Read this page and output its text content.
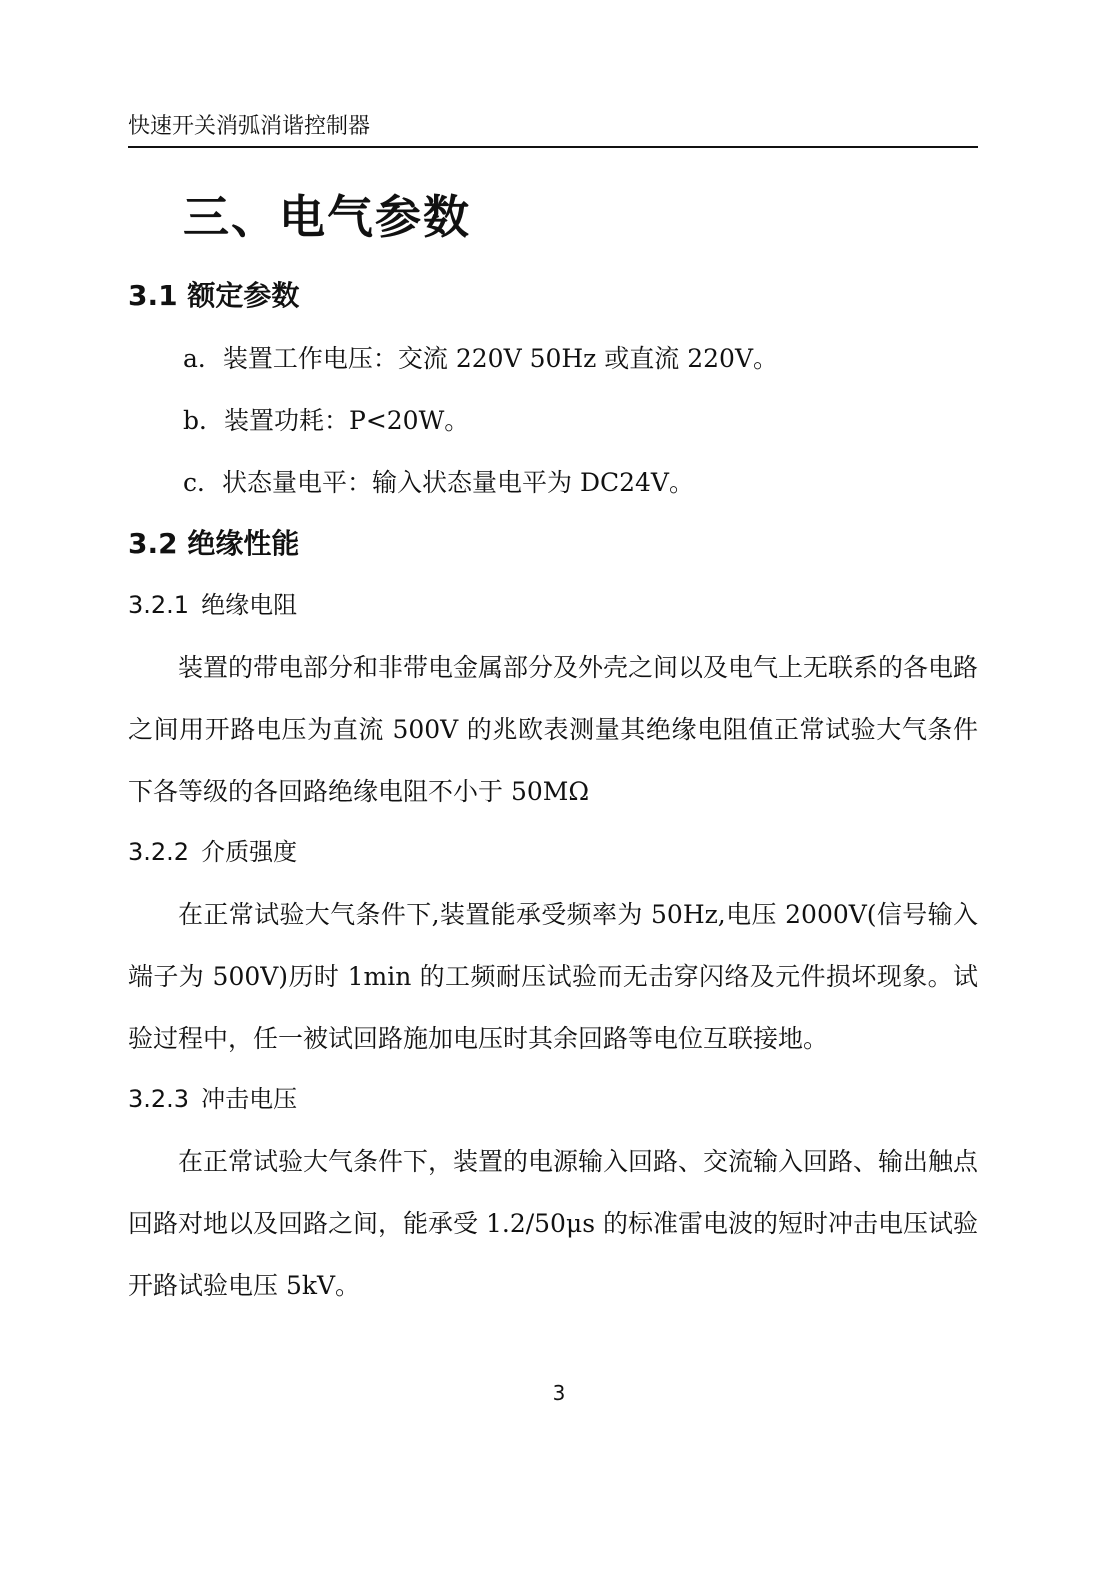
快速开关消弧消谐控制器
三、电气参数
3.1 额定参数

a．装置工作电压：交流 220V 50Hz 或直流 220V。

b．装置功耗：P<20W。

c．状态量电平：输入状态量电平为 DC24V。

3.2 绝缘性能
3.2.1 绝缘电阻

装置的带电部分和非带电金属部分及外壳之间以及电气上无联系的各电路之间用开路电压为直流 500V 的兆欧表测量其绝缘电阻值正常试验大气条件下各等级的各回路绝缘电阻不小于 50MΩ

3.2.2 介质强度

在正常试验大气条件下,装置能承受频率为 50Hz,电压 2000V(信号输入端子为 500V)历时 1min 的工频耐压试验而无击穿闪络及元件损坏现象。试验过程中，任一被试回路施加电压时其余回路等电位互联接地。

3.2.3 冲击电压

在正常试验大气条件下，装置的电源输入回路、交流输入回路、输出触点回路对地以及回路之间，能承受 1.2/50μs 的标准雷电波的短时冲击电压试验开路试验电压 5kV。

3
